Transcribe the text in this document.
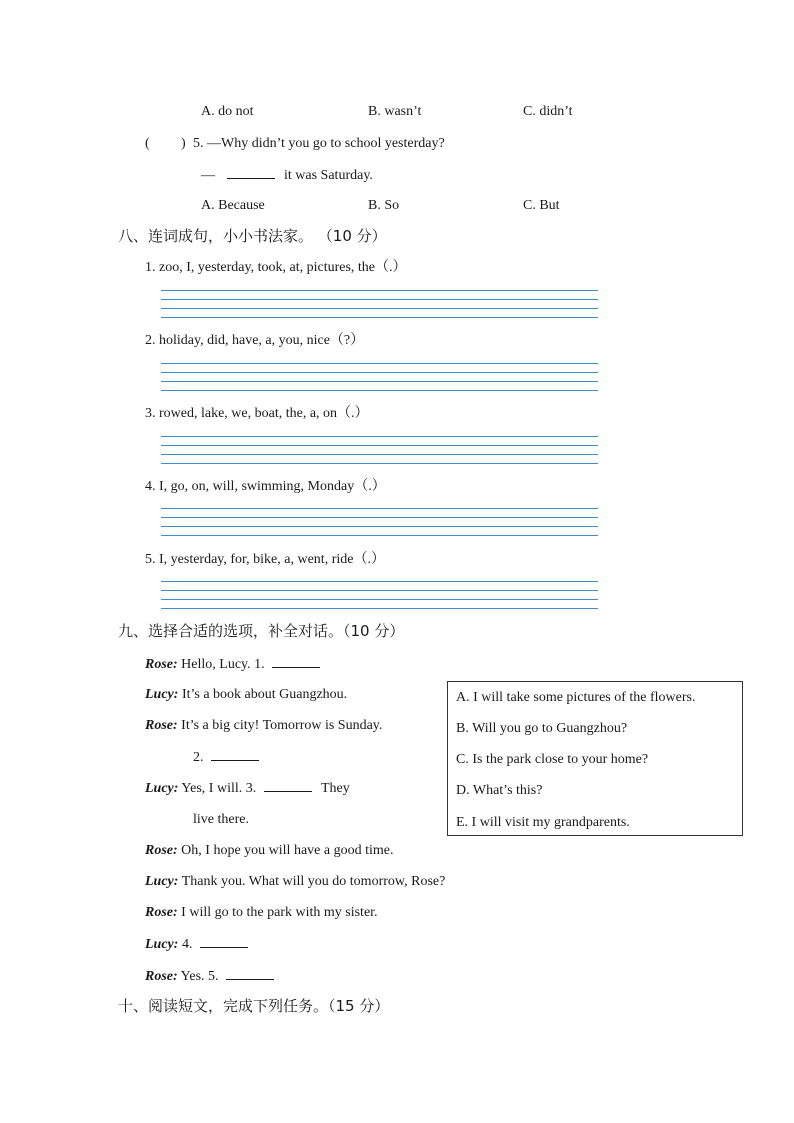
A. do not	B. wasn’t	C. didn’t
( ) 5. —Why didn’t you go to school yesterday?
—	it was Saturday.
A. Because	B. So	C. But
八、连词成句，小小书法家。 （10 分）
1. zoo, I, yesterday, took, at, pictures, the（.）
2. holiday, did, have, a, you, nice（?）
3. rowed, lake, we, boat, the, a, on（.）
4. I, go, on, will, swimming, Monday（.）
5. I, yesterday, for, bike, a, went, ride（.）
九、选择合适的选项，补全对话。（10 分）
Rose: Hello, Lucy. 1.
Lucy: It’s a book about Guangzhou.
Rose: It’s a big city! Tomorrow is Sunday.
2.
Lucy: Yes, I will. 3.	They
live there.
Rose: Oh, I hope you will have a good time.
Lucy: Thank you. What will you do tomorrow, Rose?
Rose: I will go to the park with my sister.
Lucy: 4.
Rose: Yes. 5.
A. I will take some pictures of the flowers.
B. Will you go to Guangzhou?
C. Is the park close to your home?
D. What’s this?
E. I will visit my grandparents.
十、阅读短文，完成下列任务。（15 分）
